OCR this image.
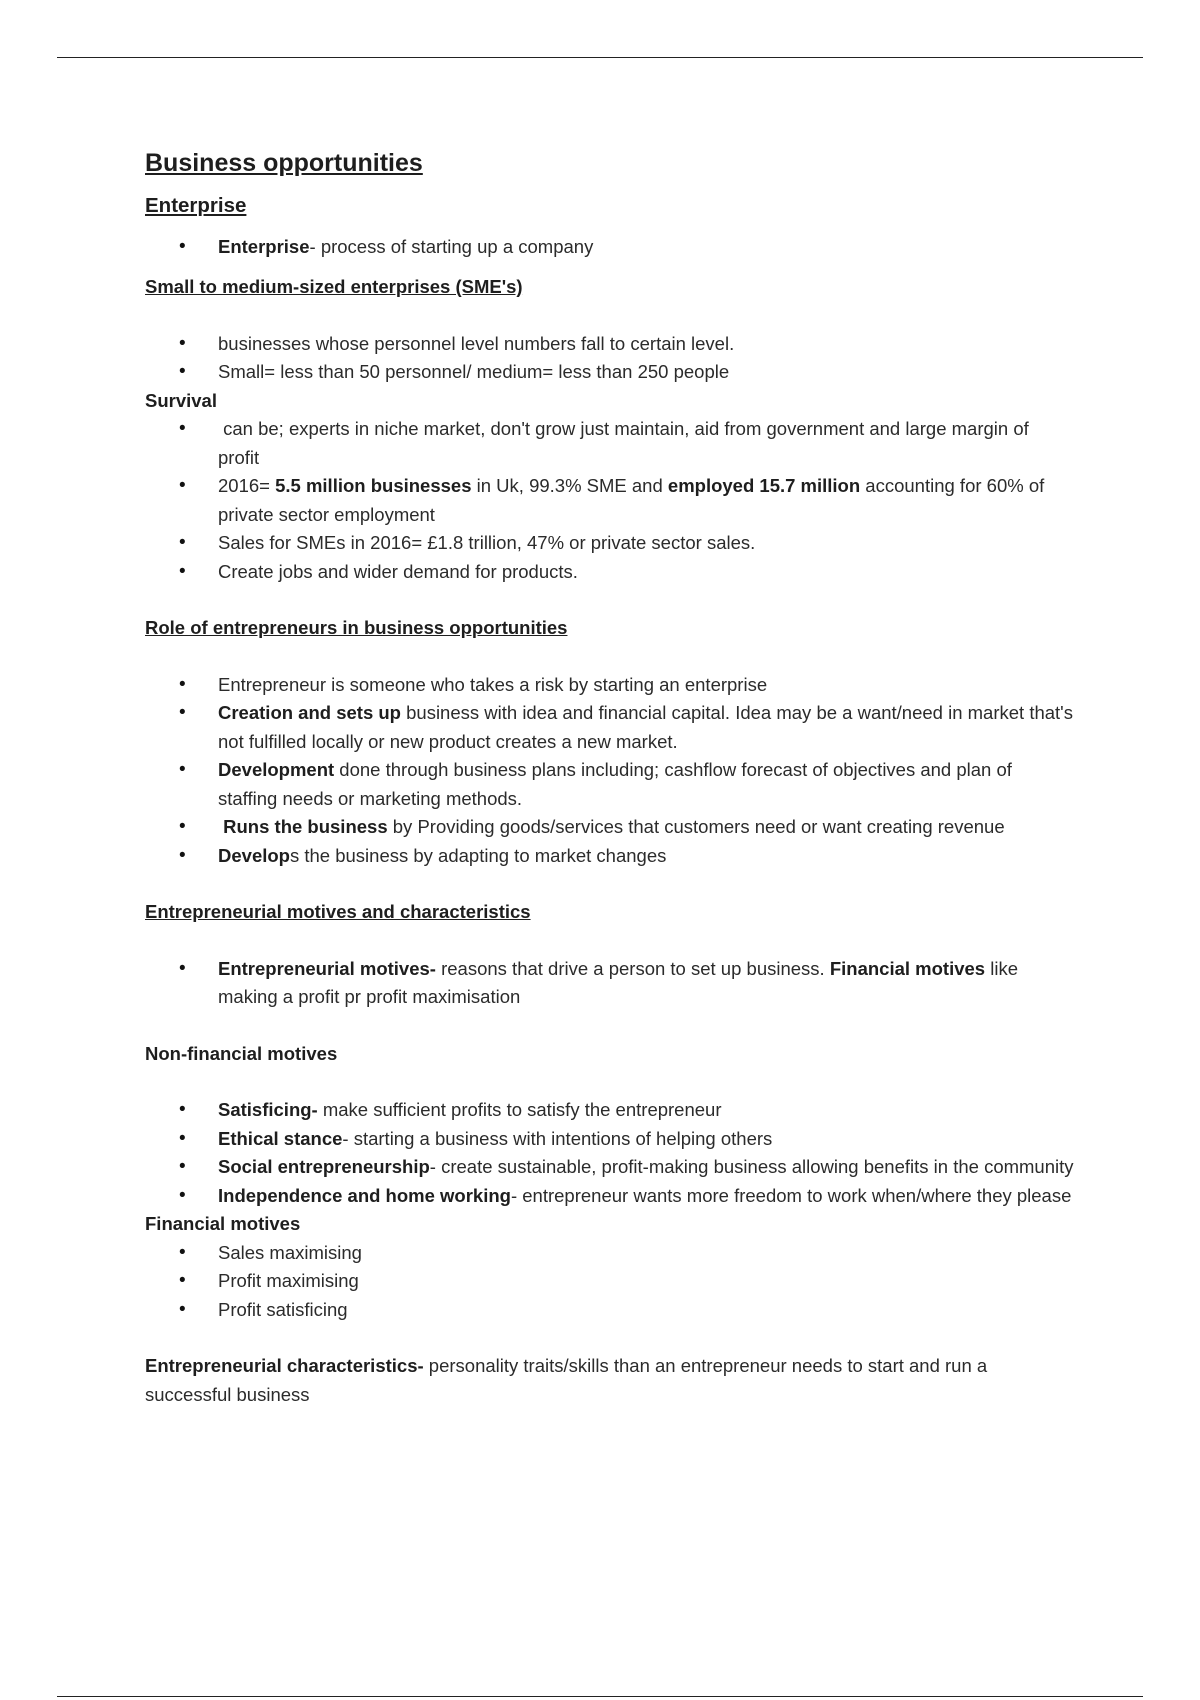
Business opportunities
Enterprise
• Enterprise- process of starting up a company
Small to medium-sized enterprises (SME's)
• businesses whose personnel level numbers fall to certain level.
• Small= less than 50 personnel/ medium= less than 250 people
Survival
•  can be; experts in niche market, don't grow just maintain, aid from government and large margin of profit
• 2016= 5.5 million businesses in Uk, 99.3% SME and employed 15.7 million accounting for 60% of private sector employment
• Sales for SMEs in 2016= £1.8 trillion, 47% or private sector sales.
• Create jobs and wider demand for products.
Role of entrepreneurs in business opportunities
• Entrepreneur is someone who takes a risk by starting an enterprise
• Creation and sets up business with idea and financial capital. Idea may be a want/need in market that's not fulfilled locally or new product creates a new market.
• Development done through business plans including; cashflow forecast of objectives and plan of staffing needs or marketing methods.
•  Runs the business by Providing goods/services that customers need or want creating revenue
• Develops the business by adapting to market changes
Entrepreneurial motives and characteristics
• Entrepreneurial motives- reasons that drive a person to set up business. Financial motives like making a profit pr profit maximisation
Non-financial motives
• Satisficing- make sufficient profits to satisfy the entrepreneur
• Ethical stance- starting a business with intentions of helping others
• Social entrepreneurship- create sustainable, profit-making business allowing benefits in the community
• Independence and home working- entrepreneur wants more freedom to work when/where they please
Financial motives
• Sales maximising
• Profit maximising
• Profit satisficing

Entrepreneurial characteristics- personality traits/skills than an entrepreneur needs to start and run a successful business
